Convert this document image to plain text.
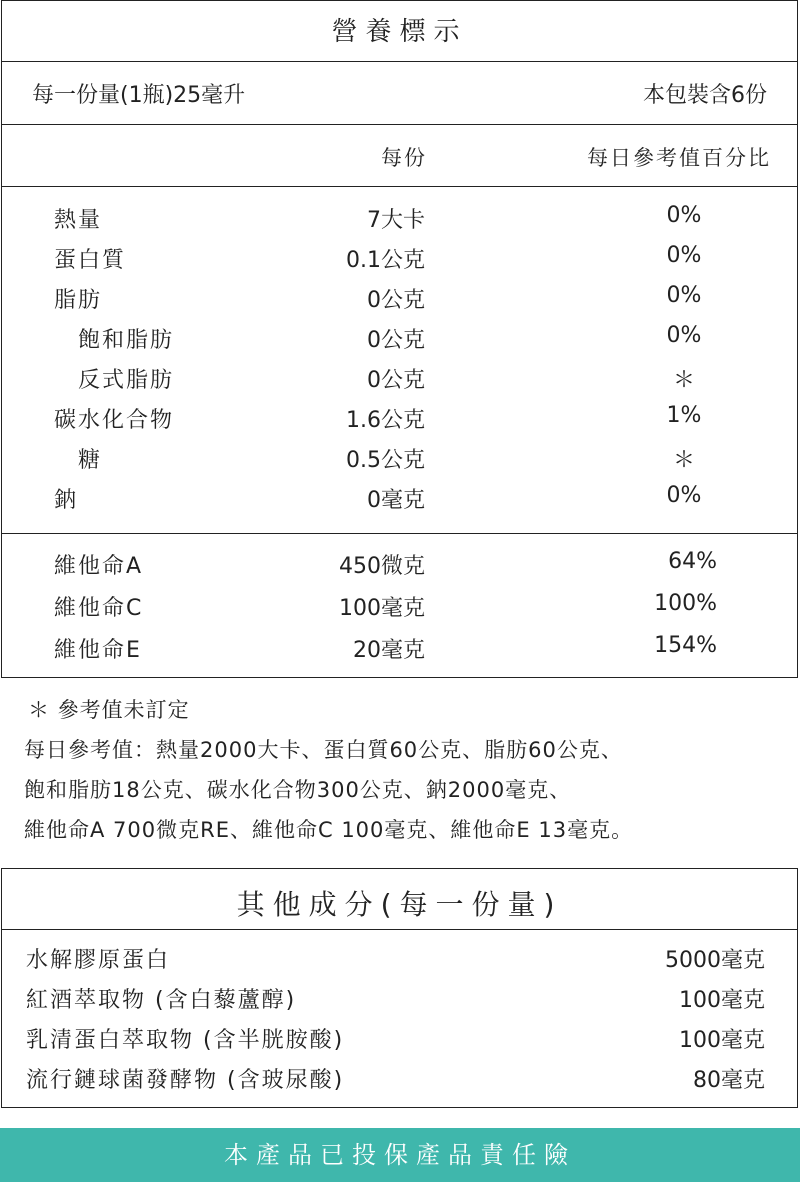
營養標示
每一份量(1瓶)25毫升	本包裝含6份
每份	每日參考值百分比
熱量	7大卡	0%
蛋白質	0.1公克	0%
脂肪	0公克	0%
飽和脂肪	0公克	0%
反式脂肪	0公克	＊
碳水化合物	1.6公克	1%
糖	0.5公克	＊
鈉	0毫克	0%
維他命A	450微克	64%
維他命C	100毫克	100%
維他命E	20毫克	154%
＊ 參考值未訂定
每日參考值：熱量2000大卡、蛋白質60公克、脂肪60公克、
飽和脂肪18公克、碳水化合物300公克、鈉2000毫克、
維他命A 700微克RE、維他命C 100毫克、維他命E 13毫克。
其他成分(每一份量)
水解膠原蛋白	5000毫克
紅酒萃取物 (含白藜蘆醇)	100毫克
乳清蛋白萃取物 (含半胱胺酸)	100毫克
流行鏈球菌發酵物 (含玻尿酸)	80毫克
本產品已投保產品責任險
